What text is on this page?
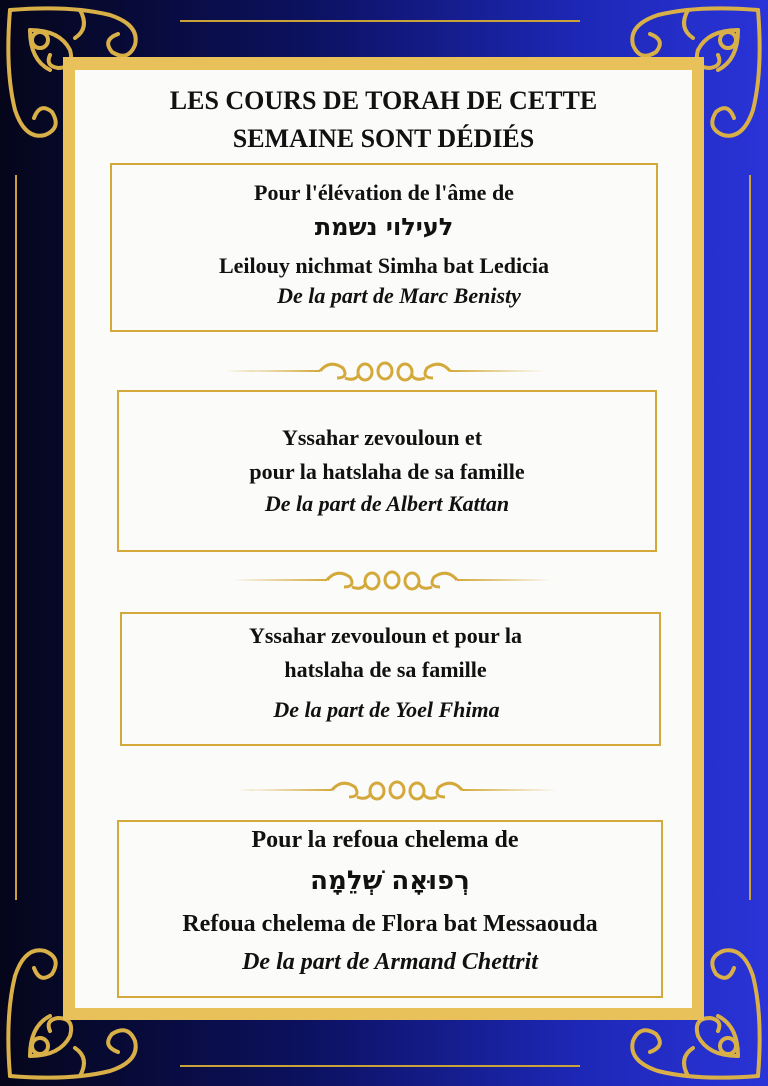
LES COURS DE TORAH DE CETTE
SEMAINE SONT DÉDIÉS
Pour l'élévation de l'âme de
לעילוי נשמת
Leilouy nichmat Simha bat Ledicia
De la part de Marc Benisty
Yssahar zevouloun et
pour la hatslaha de sa famille
De la part de Albert Kattan
Yssahar zevouloun et pour la
hatslaha de sa famille
De la part de Yoel Fhima
Pour la refoua chelema de
רְפוּאָה שְׁלֵמָה
Refoua chelema de Flora bat Messaouda
De la part de Armand Chettrit
